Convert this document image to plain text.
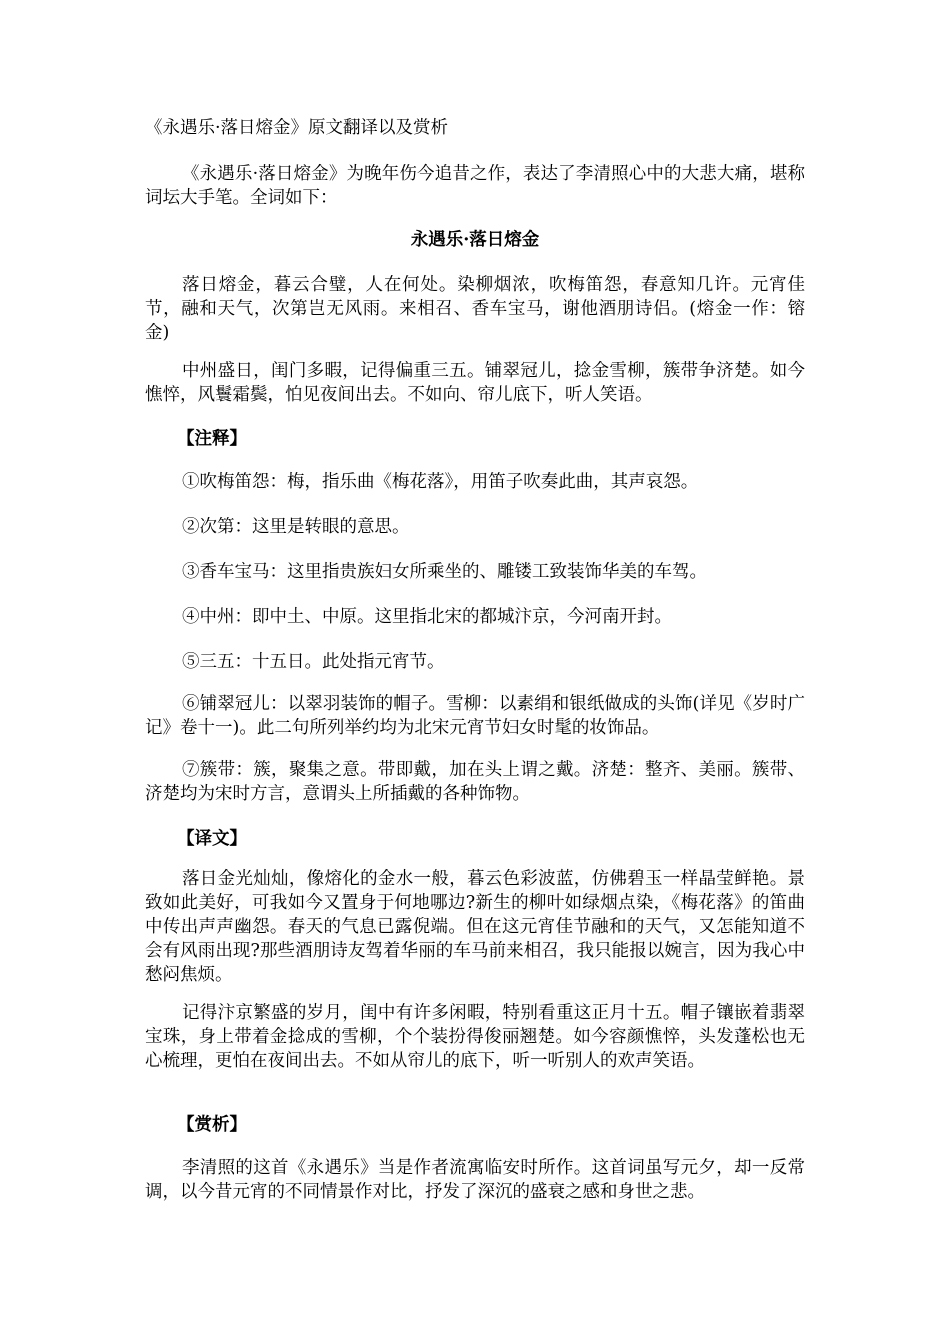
《永遇乐·落日熔金》原文翻译以及赏析

《永遇乐·落日熔金》为晚年伤今追昔之作，表达了李清照心中的大悲大痛，堪称词坛大手笔。全词如下：

永遇乐·落日熔金

落日熔金，暮云合璧，人在何处。染柳烟浓，吹梅笛怨，春意知几许。元宵佳节，融和天气，次第岂无风雨。来相召、香车宝马，谢他酒朋诗侣。(熔金一作：镕金)

中州盛日，闺门多暇，记得偏重三五。铺翠冠儿，捻金雪柳，簇带争济楚。如今憔悴，风鬟霜鬓，怕见夜间出去。不如向、帘儿底下，听人笑语。

【注释】

①吹梅笛怨：梅，指乐曲《梅花落》，用笛子吹奏此曲，其声哀怨。

②次第：这里是转眼的意思。

③香车宝马：这里指贵族妇女所乘坐的、雕镂工致装饰华美的车驾。

④中州：即中土、中原。这里指北宋的都城汴京，今河南开封。

⑤三五：十五日。此处指元宵节。

⑥铺翠冠儿：以翠羽装饰的帽子。雪柳：以素绢和银纸做成的头饰(详见《岁时广记》卷十一)。此二句所列举约均为北宋元宵节妇女时髦的妆饰品。

⑦簇带：簇，聚集之意。带即戴，加在头上谓之戴。济楚：整齐、美丽。簇带、济楚均为宋时方言，意谓头上所插戴的各种饰物。

【译文】

落日金光灿灿，像熔化的金水一般，暮云色彩波蓝，仿佛碧玉一样晶莹鲜艳。景致如此美好，可我如今又置身于何地哪边?新生的柳叶如绿烟点染，《梅花落》的笛曲中传出声声幽怨。春天的气息已露倪端。但在这元宵佳节融和的天气，又怎能知道不会有风雨出现?那些酒朋诗友驾着华丽的车马前来相召，我只能报以婉言，因为我心中愁闷焦烦。

记得汴京繁盛的岁月，闺中有许多闲暇，特别看重这正月十五。帽子镶嵌着翡翠宝珠，身上带着金捻成的雪柳，个个装扮得俊丽翘楚。如今容颜憔悴，头发蓬松也无心梳理，更怕在夜间出去。不如从帘儿的底下，听一听别人的欢声笑语。

【赏析】

李清照的这首《永遇乐》当是作者流寓临安时所作。这首词虽写元夕，却一反常调，以今昔元宵的不同情景作对比，抒发了深沉的盛衰之感和身世之悲。
